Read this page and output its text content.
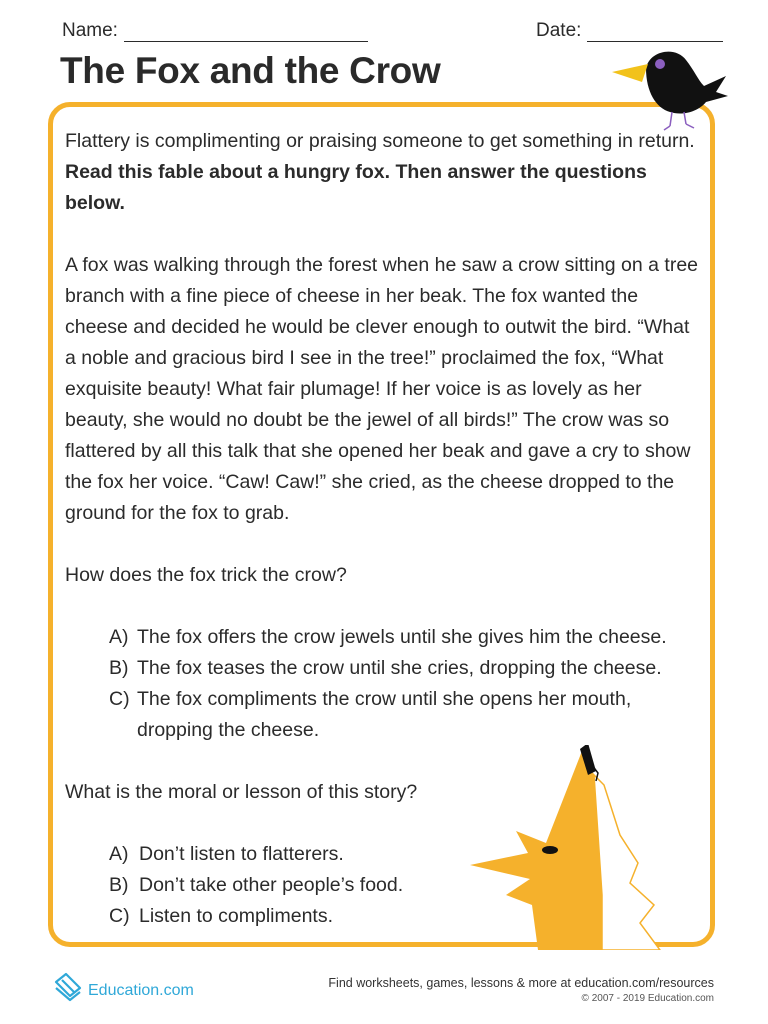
Name:	Date:
The Fox and the Crow

Flattery is complimenting or praising someone to get something in return. Read this fable about a hungry fox. Then answer the questions below.

A fox was walking through the forest when he saw a crow sitting on a tree branch with a fine piece of cheese in her beak. The fox wanted the cheese and decided he would be clever enough to outwit the bird. “What a noble and gracious bird I see in the tree!” proclaimed the fox, “What exquisite beauty! What fair plumage! If her voice is as lovely as her beauty, she would no doubt be the jewel of all birds!” The crow was so flattered by all this talk that she opened her beak and gave a cry to show the fox her voice. “Caw! Caw!” she cried, as the cheese dropped to the ground for the fox to grab.

How does the fox trick the crow?

A) The fox offers the crow jewels until she gives him the cheese.
B) The fox teases the crow until she cries, dropping the cheese.
C) The fox compliments the crow until she opens her mouth, dropping the cheese.

What is the moral or lesson of this story?

A) Don’t listen to flatterers.
B) Don’t take other people’s food.
C) Listen to compliments.
Education.com	Find worksheets, games, lessons & more at education.com/resources
© 2007 - 2019 Education.com
